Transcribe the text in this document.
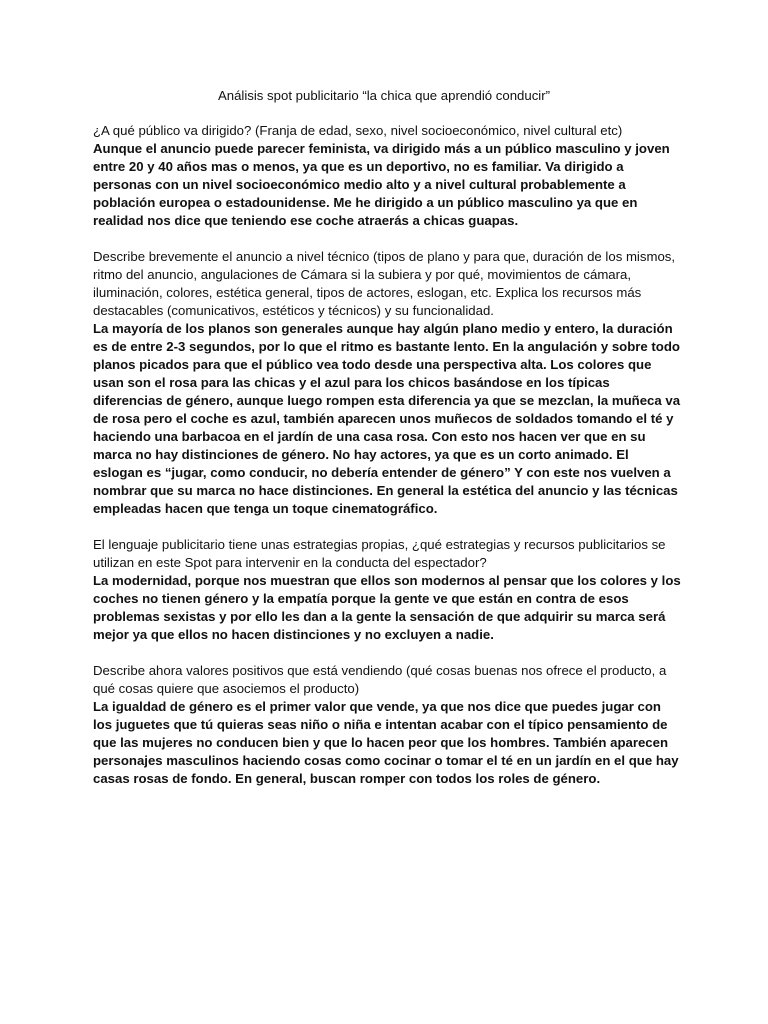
Análisis spot publicitario “la chica que aprendió conducir”

¿A qué público va dirigido? (Franja de edad, sexo, nivel socioeconómico, nivel cultural etc)

Aunque el anuncio puede parecer feminista, va dirigido más a un público masculino y joven entre 20 y 40 años mas o menos, ya que es un deportivo, no es familiar. Va dirigido a personas con un nivel socioeconómico medio alto y a nivel cultural probablemente a población europea o estadounidense. Me he dirigido a un público masculino ya que en realidad nos dice que teniendo ese coche atraerás a chicas guapas.

Describe brevemente el anuncio a nivel técnico (tipos de plano y para que, duración de los mismos, ritmo del anuncio, angulaciones de Cámara si la subiera y por qué, movimientos de cámara, iluminación, colores, estética general, tipos de actores, eslogan, etc. Explica los recursos más destacables (comunicativos, estéticos y técnicos) y su funcionalidad.

La mayoría de los planos son generales aunque hay algún plano medio y entero, la duración es de entre 2-3 segundos, por lo que el ritmo es bastante lento. En la angulación y sobre todo planos picados para que el público vea todo desde una perspectiva alta. Los colores que usan son el rosa para las chicas y el azul para los chicos basándose en los típicas diferencias de género, aunque luego rompen esta diferencia ya que se mezclan, la muñeca va de rosa pero el coche es azul, también aparecen unos muñecos de soldados tomando el té y haciendo una barbacoa en el jardín de una casa rosa. Con esto nos hacen ver que en su marca no hay distinciones de género. No hay actores, ya que es un corto animado. El eslogan es “jugar, como conducir, no debería entender de género” Y con este nos vuelven a nombrar que su marca no hace distinciones. En general la estética del anuncio y las técnicas empleadas hacen que tenga un toque cinematográfico.

El lenguaje publicitario tiene unas estrategias propias, ¿qué estrategias y recursos publicitarios se utilizan en este Spot para intervenir en la conducta del espectador?

La modernidad, porque nos muestran que ellos son modernos al pensar que los colores y los coches no tienen género y la empatía porque la gente ve que están en contra de esos problemas sexistas y por ello les dan a la gente la sensación de que adquirir su marca será mejor ya que ellos no hacen distinciones y no excluyen a nadie.

Describe ahora valores positivos que está vendiendo (qué cosas buenas nos ofrece el producto, a qué cosas quiere que asociemos el producto)

La igualdad de género es el primer valor que vende, ya que nos dice que puedes jugar con los juguetes que tú quieras seas niño o niña e intentan acabar con el típico pensamiento de que las mujeres no conducen bien y que lo hacen peor que los hombres. También aparecen personajes masculinos haciendo cosas como cocinar o tomar el té en un jardín en el que hay casas rosas de fondo. En general, buscan romper con todos los roles de género.
